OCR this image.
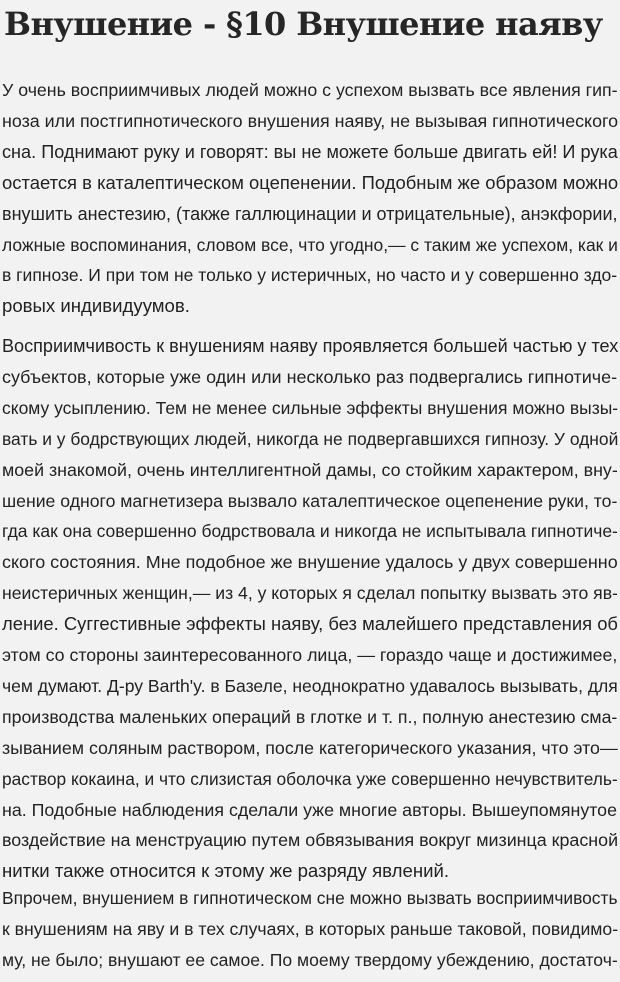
Внушение - §10 Внушение наяву
У очень восприимчивых людей можно с успехом вызвать все явления гип-
ноза или постгипнотического внушения наяву, не вызывая гипнотического
сна. Поднимают руку и говорят: вы не можете больше двигать ей! И рука
остается в каталептическом оцепенении. Подобным же образом можно
внушить анестезию, (также галлюцинации и отрицательные), анэкфории,
ложные воспоминания, словом все, что угодно,— с таким же успехом, как и
в гипнозе. И при том не только у истеричных, но часто и у совершенно здо-
ровых индивидуумов.
Восприимчивость к внушениям наяву проявляется большей частью у тех
субъектов, которые уже один или несколько раз подвергались гипнотиче-
скому усыплению. Тем не менее сильные эффекты внушения можно вызы-
вать и у бодрствующих людей, никогда не подвергавшихся гипнозу. У одной
моей знакомой, очень интеллигентной дамы, со стойким характером, вну-
шение одного магнетизера вызвало каталептическое оцепенение руки, то-
гда как она совершенно бодрствовала и никогда не испытывала гипнотиче-
ского состояния. Мне подобное же внушение удалось у двух совершенно
неистеричных женщин,— из 4, у которых я сделал попытку вызвать это яв-
ление. Суггестивные эффекты наяву, без малейшего представления об
этом со стороны заинтересованного лица, — гораздо чаще и достижимее,
чем думают. Д-ру Barth'y. в Базеле, неоднократно удавалось вызывать, для
производства маленьких операций в глотке и т. п., полную анестезию сма-
зыванием соляным раствором, после категорического указания, что это—
раствор кокаина, и что слизистая оболочка уже совершенно нечувствитель-
на. Подобные наблюдения сделали уже многие авторы. Вышеупомянутое
воздействие на менструацию путем обвязывания вокруг мизинца красной
нитки также относится к этому же разряду явлений.
Впрочем, внушением в гипнотическом сне можно вызвать восприимчивость
к внушениям на яву и в тех случаях, в которых раньше таковой, повидимо-
му, не было; внушают ее самое. По моему твердому убеждению, достаточ-
